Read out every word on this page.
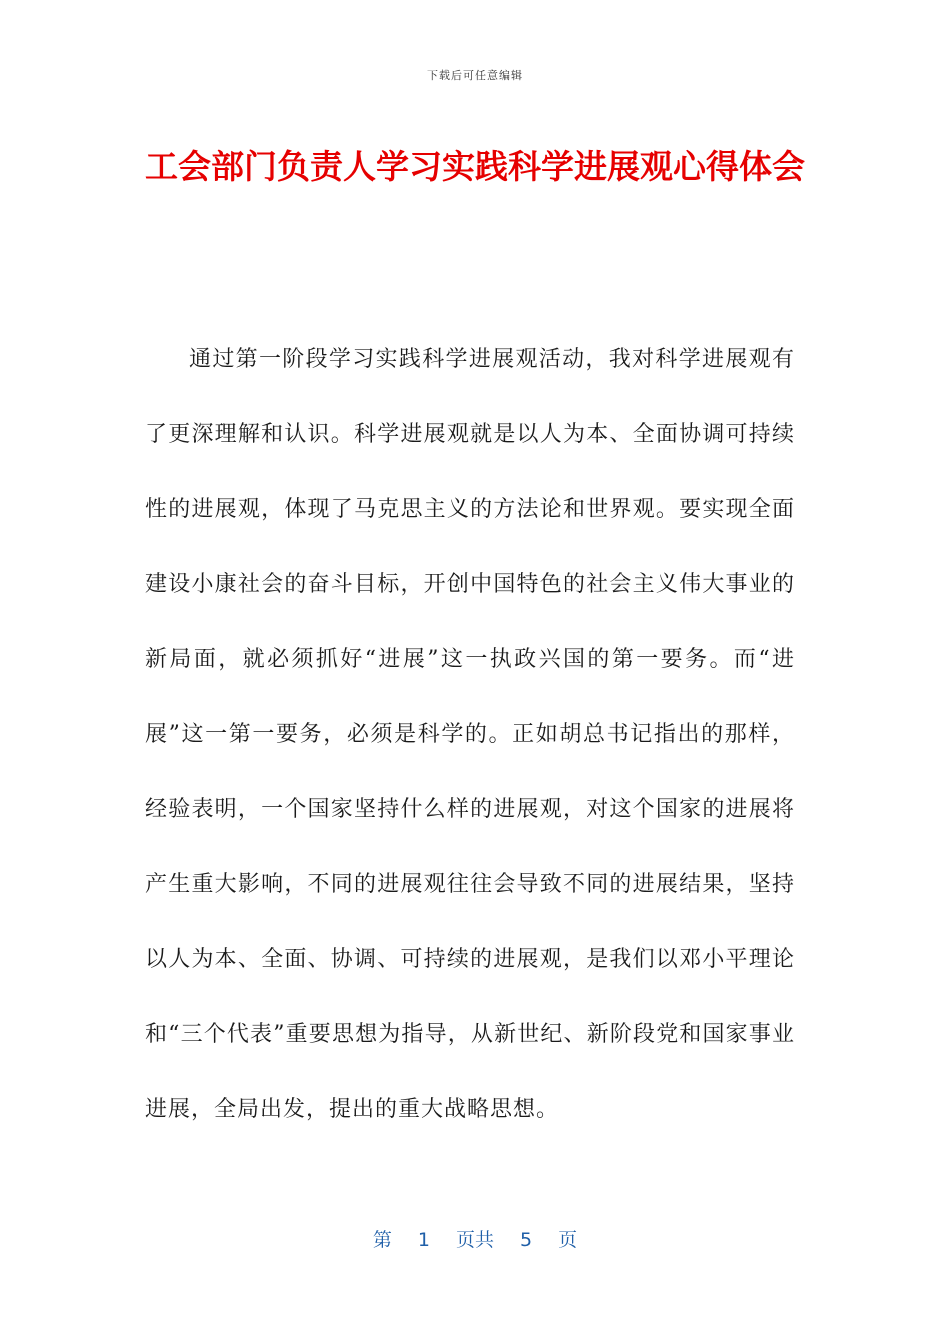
下载后可任意编辑
工会部门负责人学习实践科学进展观心得体会

通过第一阶段学习实践科学进展观活动，我对科学进展观有了更深理解和认识。科学进展观就是以人为本、全面协调可持续性的进展观，体现了马克思主义的方法论和世界观。要实现全面建设小康社会的奋斗目标，开创中国特色的社会主义伟大事业的新局面，就必须抓好“进展”这一执政兴国的第一要务。而“进展”这一第一要务，必须是科学的。正如胡总书记指出的那样，经验表明，一个国家坚持什么样的进展观，对这个国家的进展将产生重大影响，不同的进展观往往会导致不同的进展结果，坚持以人为本、全面、协调、可持续的进展观，是我们以邓小平理论和“三个代表”重要思想为指导，从新世纪、新阶段党和国家事业进展，全局出发，提出的重大战略思想。

第 1 页共 5 页
